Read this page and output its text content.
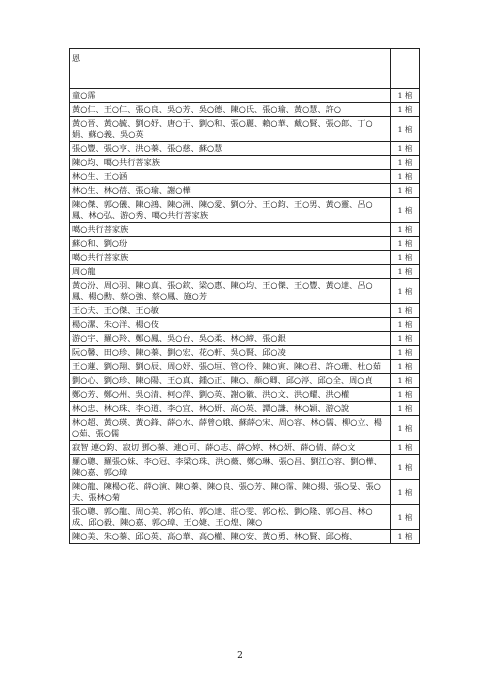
恩	
童○霈	1 棺
黃○仁、王○仁、張○良、吳○芳、吳○德、陳○氏、張○瑜、黃○慧、許○	1 棺
黃○晉、黃○毓、劉○妤、唐○于、劉○和、張○麗、賴○華、戴○賢、張○郎、丁○娟、蘇○義、吳○英	1 棺
張○豐、張○亨、洪○蓁、張○慈、蘇○慧	1 棺
陳○均、噶○共行菩家族	1 棺
林○生、王○涵	1 棺
林○生、林○蓓、張○瑜、謝○樺	1 棺
陳○傑、郭○儀、陳○鴻、陳○洲、陳○愛、劉○分、王○鈞、王○男、黃○靈、呂○鳳、林○弘、游○秀、噶○共行菩家族	1 棺
噶○共行菩家族	1 棺
蘇○和、劉○玢	1 棺
噶○共行菩家族	1 棺
周○龍	1 棺
黃○汾、周○羽、陳○真、張○欽、梁○惠、陳○均、王○傑、王○豐、黃○達、呂○鳳、楊○勳、蔡○強、蔡○鳳、施○芳	1 棺
王○夫、王○傑、王○敏	1 棺
楊○潔、朱○洋、楊○伎	1 棺
游○宇、羅○羚、鄭○鳳、吳○台、吳○柔、林○締、張○銀	1 棺
阮○馨、田○珍、陳○蓁、劉○宏、花○軒、吳○賢、邱○凌	1 棺
王○蓮、劉○翔、劉○辰、周○妤、張○垣、管○伶、陳○寅、陳○君、許○珊、杜○茹	1 棺
劉○心、劉○珍、陳○陽、王○真、鍾○正、陳○、顏○卿、邱○渟、邱○全、周○貞	1 棺
鄭○芳、鄭○州、吳○清、柯○萍、劉○英、謝○徽、洪○文、洪○耀、洪○權	1 棺
林○忠、林○珠、李○道、李○宜、林○妍、高○英、譚○謙、林○穎、游○說	1 棺
林○超、黃○瑛、黃○鋒、薛○水、薛曾○娥、蘇薛○宋、周○容、林○儒、柳○立、楊○茹、張○儒	1 棺
寂智 連○鈞、寂切 鄧○蓁、連○可、薛○志、薛○婷、林○妍、薛○倩、薛○文	1 棺
羅○聰、羅張○妹、李○冠、李梁○珠、洪○薇、鄭○琳、張○昌、劉江○容、劉○樺、陳○嘉、郭○璋	1 棺
陳○龍、陳楊○花、薛○演、陳○蓁、陳○良、張○芳、陳○霈、陳○揚、張○旻、張○夫、張林○菊	1 棺
張○聰、郭○龍、周○美、郭○佑、郭○達、莊○雯、郭○松、劉○隆、郭○昌、林○成、邱○毅、陳○嘉、郭○璋、王○婕、王○煌、陳○	1 棺
陳○美、朱○蓁、邱○英、高○華、高○權、陳○安、黃○勇、林○賢、邱○梅、	1 棺
2
